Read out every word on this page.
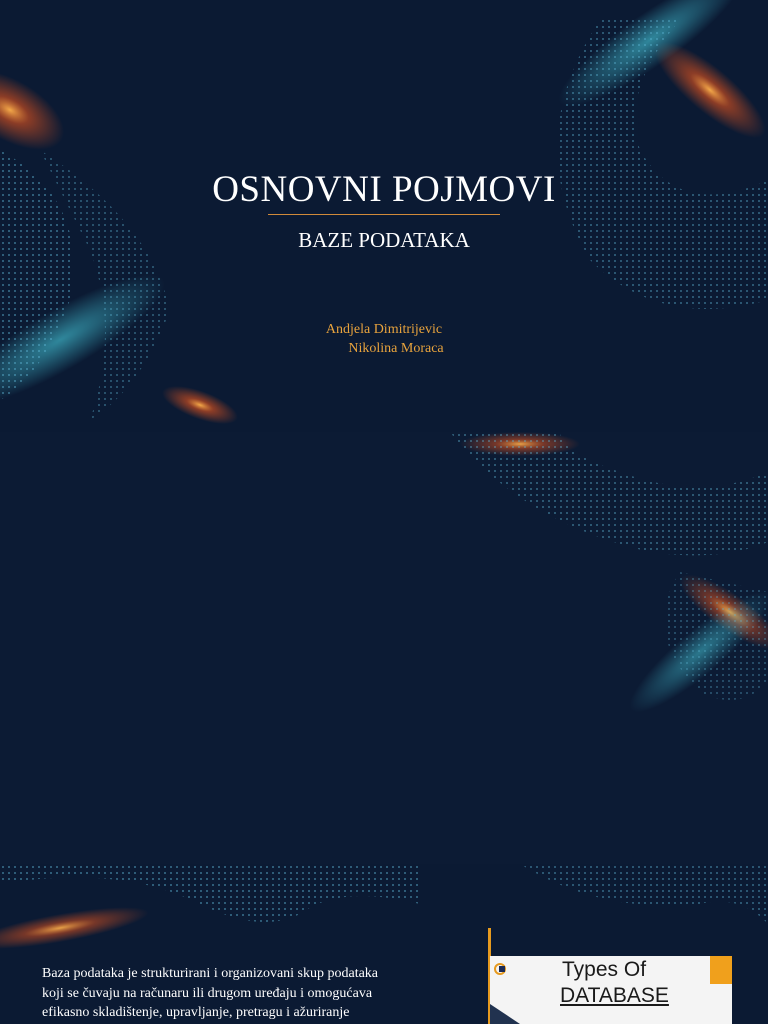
OSNOVNI POJMOVI
BAZE PODATAKA
Andjela Dimitrijevic
Nikolina Moraca
Baza podataka je strukturirani i organizovani skup podataka
koji se čuvaju na računaru ili drugom uređaju i omogućava
efikasno skladištenje, upravljanje, pretragu i ažuriranje
Types Of
DATABASE
